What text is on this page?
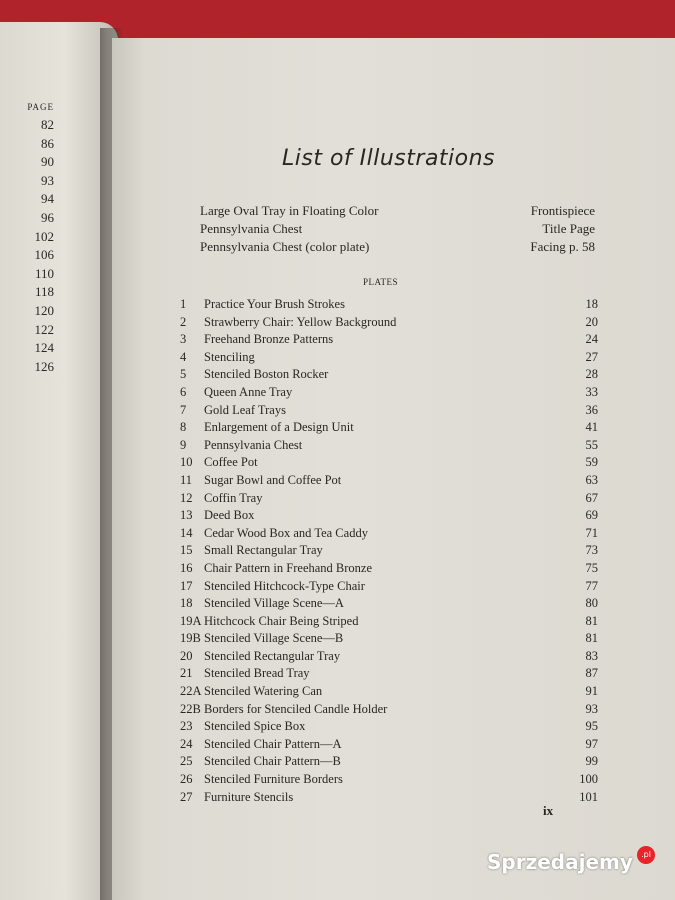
PAGE
82
86
90
93
94
96
102
106
110
118
120
122
124
126
List of Illustrations
Large Oval Tray in Floating Color	Frontispiece
Pennsylvania Chest	Title Page
Pennsylvania Chest (color plate)	Facing p. 58
PLATES
1	Practice Your Brush Strokes	18
2	Strawberry Chair: Yellow Background	20
3	Freehand Bronze Patterns	24
4	Stenciling	27
5	Stenciled Boston Rocker	28
6	Queen Anne Tray	33
7	Gold Leaf Trays	36
8	Enlargement of a Design Unit	41
9	Pennsylvania Chest	55
10 Coffee Pot	59
11 Sugar Bowl and Coffee Pot	63
12 Coffin Tray	67
13 Deed Box	69
14 Cedar Wood Box and Tea Caddy	71
15 Small Rectangular Tray	73
16 Chair Pattern in Freehand Bronze	75
17 Stenciled Hitchcock-Type Chair	77
18 Stenciled Village Scene—A	80
19A Hitchcock Chair Being Striped	81
19B Stenciled Village Scene—B	81
20 Stenciled Rectangular Tray	83
21 Stenciled Bread Tray	87
22A Stenciled Watering Can	91
22B Borders for Stenciled Candle Holder	93
23 Stenciled Spice Box	95
24 Stenciled Chair Pattern—A	97
25 Stenciled Chair Pattern—B	99
26 Stenciled Furniture Borders	100
27 Furniture Stencils	101
ix
Sprzedajemy	.pl
